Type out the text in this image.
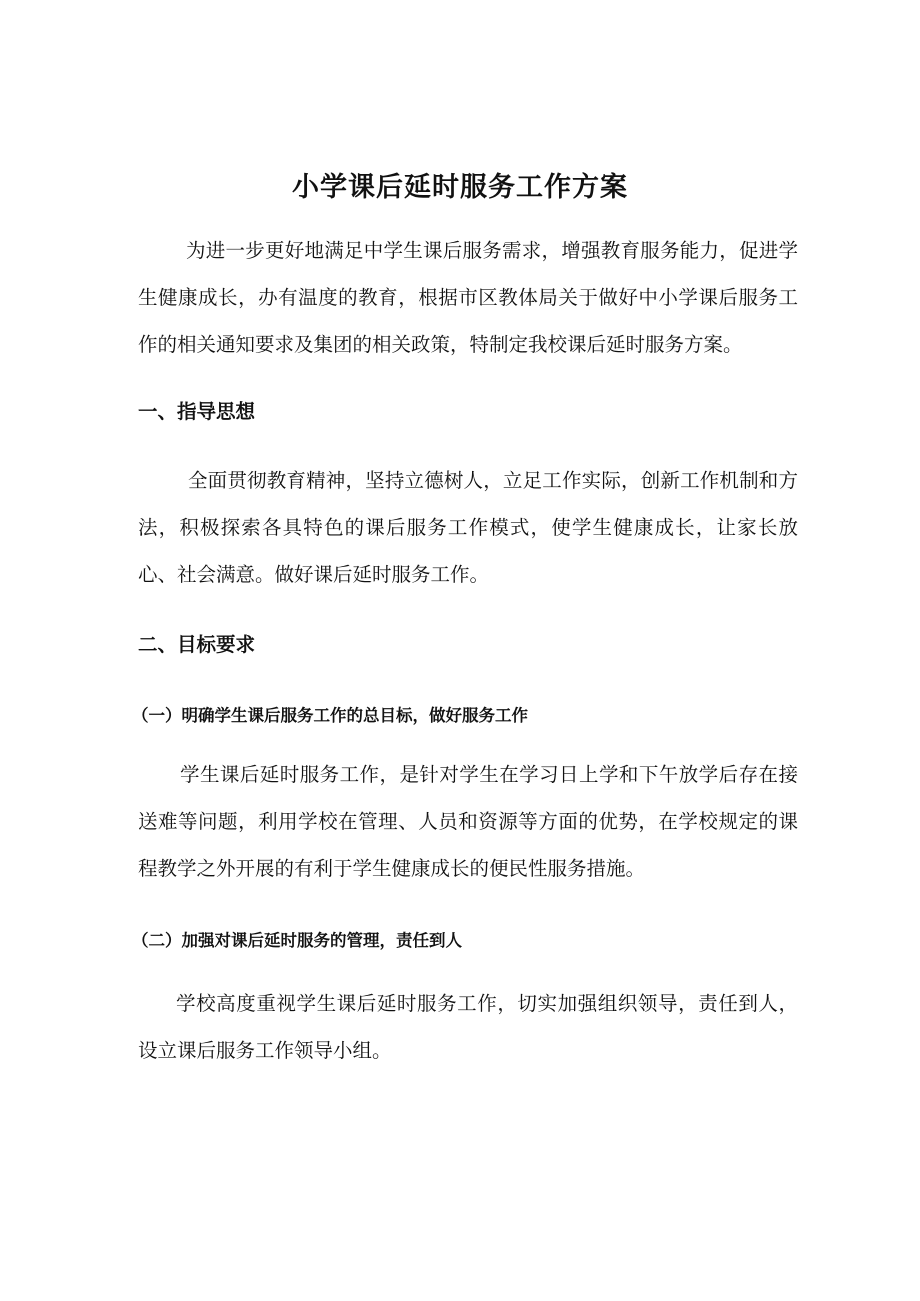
小学课后延时服务工作方案

为进一步更好地满足中学生课后服务需求，增强教育服务能力，促进学生健康成长，办有温度的教育，根据市区教体局关于做好中小学课后服务工作的相关通知要求及集团的相关政策，特制定我校课后延时服务方案。

一、指导思想

全面贯彻教育精神，坚持立德树人，立足工作实际，创新工作机制和方法，积极探索各具特色的课后服务工作模式，使学生健康成长，让家长放心、社会满意。做好课后延时服务工作。

二、目标要求
（一）明确学生课后服务工作的总目标，做好服务工作

学生课后延时服务工作，是针对学生在学习日上学和下午放学后存在接送难等问题，利用学校在管理、人员和资源等方面的优势，在学校规定的课程教学之外开展的有利于学生健康成长的便民性服务措施。

（二）加强对课后延时服务的管理，责任到人

学校高度重视学生课后延时服务工作，切实加强组织领导，责任到人，设立课后服务工作领导小组。
